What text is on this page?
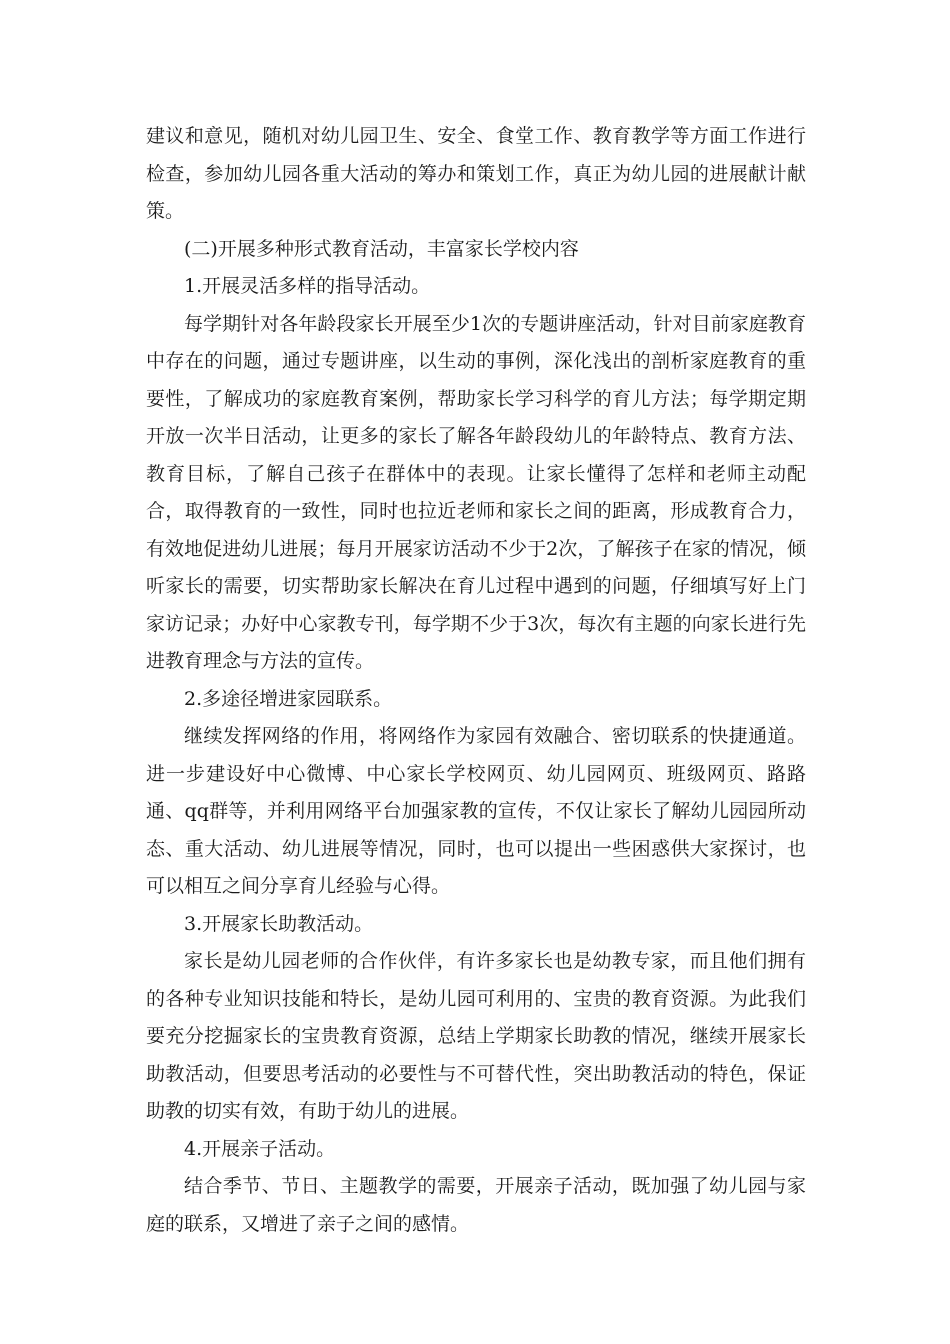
建议和意见，随机对幼儿园卫生、安全、食堂工作、教育教学等方面工作进行检查，参加幼儿园各重大活动的筹办和策划工作，真正为幼儿园的进展献计献策。

(二)开展多种形式教育活动，丰富家长学校内容

1.开展灵活多样的指导活动。

每学期针对各年龄段家长开展至少1次的专题讲座活动，针对目前家庭教育中存在的问题，通过专题讲座，以生动的事例，深化浅出的剖析家庭教育的重要性，了解成功的家庭教育案例，帮助家长学习科学的育儿方法；每学期定期开放一次半日活动，让更多的家长了解各年龄段幼儿的年龄特点、教育方法、教育目标，了解自己孩子在群体中的表现。让家长懂得了怎样和老师主动配合，取得教育的一致性，同时也拉近老师和家长之间的距离，形成教育合力，有效地促进幼儿进展；每月开展家访活动不少于2次，了解孩子在家的情况，倾听家长的需要，切实帮助家长解决在育儿过程中遇到的问题，仔细填写好上门家访记录；办好中心家教专刊，每学期不少于3次，每次有主题的向家长进行先进教育理念与方法的宣传。

2.多途径增进家园联系。

继续发挥网络的作用，将网络作为家园有效融合、密切联系的快捷通道。进一步建设好中心微博、中心家长学校网页、幼儿园网页、班级网页、路路通、qq群等，并利用网络平台加强家教的宣传，不仅让家长了解幼儿园园所动态、重大活动、幼儿进展等情况，同时，也可以提出一些困惑供大家探讨，也可以相互之间分享育儿经验与心得。

3.开展家长助教活动。

家长是幼儿园老师的合作伙伴，有许多家长也是幼教专家，而且他们拥有的各种专业知识技能和特长，是幼儿园可利用的、宝贵的教育资源。为此我们要充分挖掘家长的宝贵教育资源，总结上学期家长助教的情况，继续开展家长助教活动，但要思考活动的必要性与不可替代性，突出助教活动的特色，保证助教的切实有效，有助于幼儿的进展。

4.开展亲子活动。

结合季节、节日、主题教学的需要，开展亲子活动，既加强了幼儿园与家庭的联系，又增进了亲子之间的感情。
